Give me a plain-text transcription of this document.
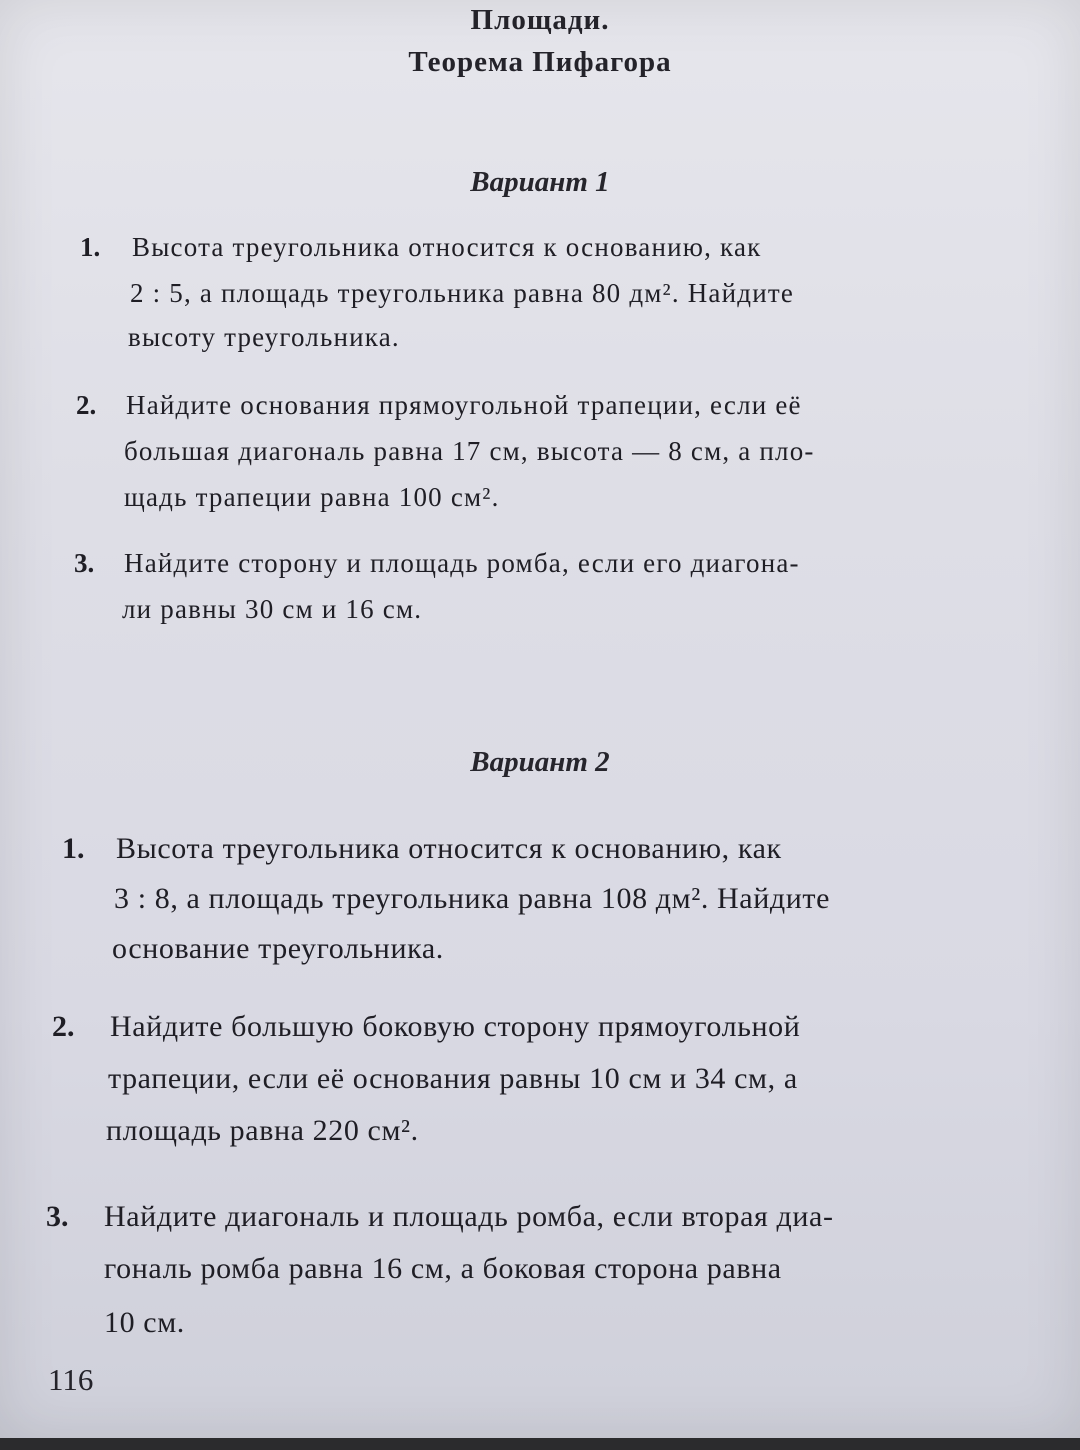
Площади.
Теорема Пифагора
Вариант 1
1. Высота треугольника относится к основанию, как
2 : 5, а площадь треугольника равна 80 дм². Найдите
высоту треугольника.
2. Найдите основания прямоугольной трапеции, если её
большая диагональ равна 17 см, высота — 8 см, а пло-
щадь трапеции равна 100 см².
3. Найдите сторону и площадь ромба, если его диагона-
ли равны 30 см и 16 см.
Вариант 2
1. Высота треугольника относится к основанию, как
3 : 8, а площадь треугольника равна 108 дм². Найдите
основание треугольника.
2. Найдите большую боковую сторону прямоугольной
трапеции, если её основания равны 10 см и 34 см, а
площадь равна 220 см².
3. Найдите диагональ и площадь ромба, если вторая диа-
гональ ромба равна 16 см, а боковая сторона равна
10 см.
116
